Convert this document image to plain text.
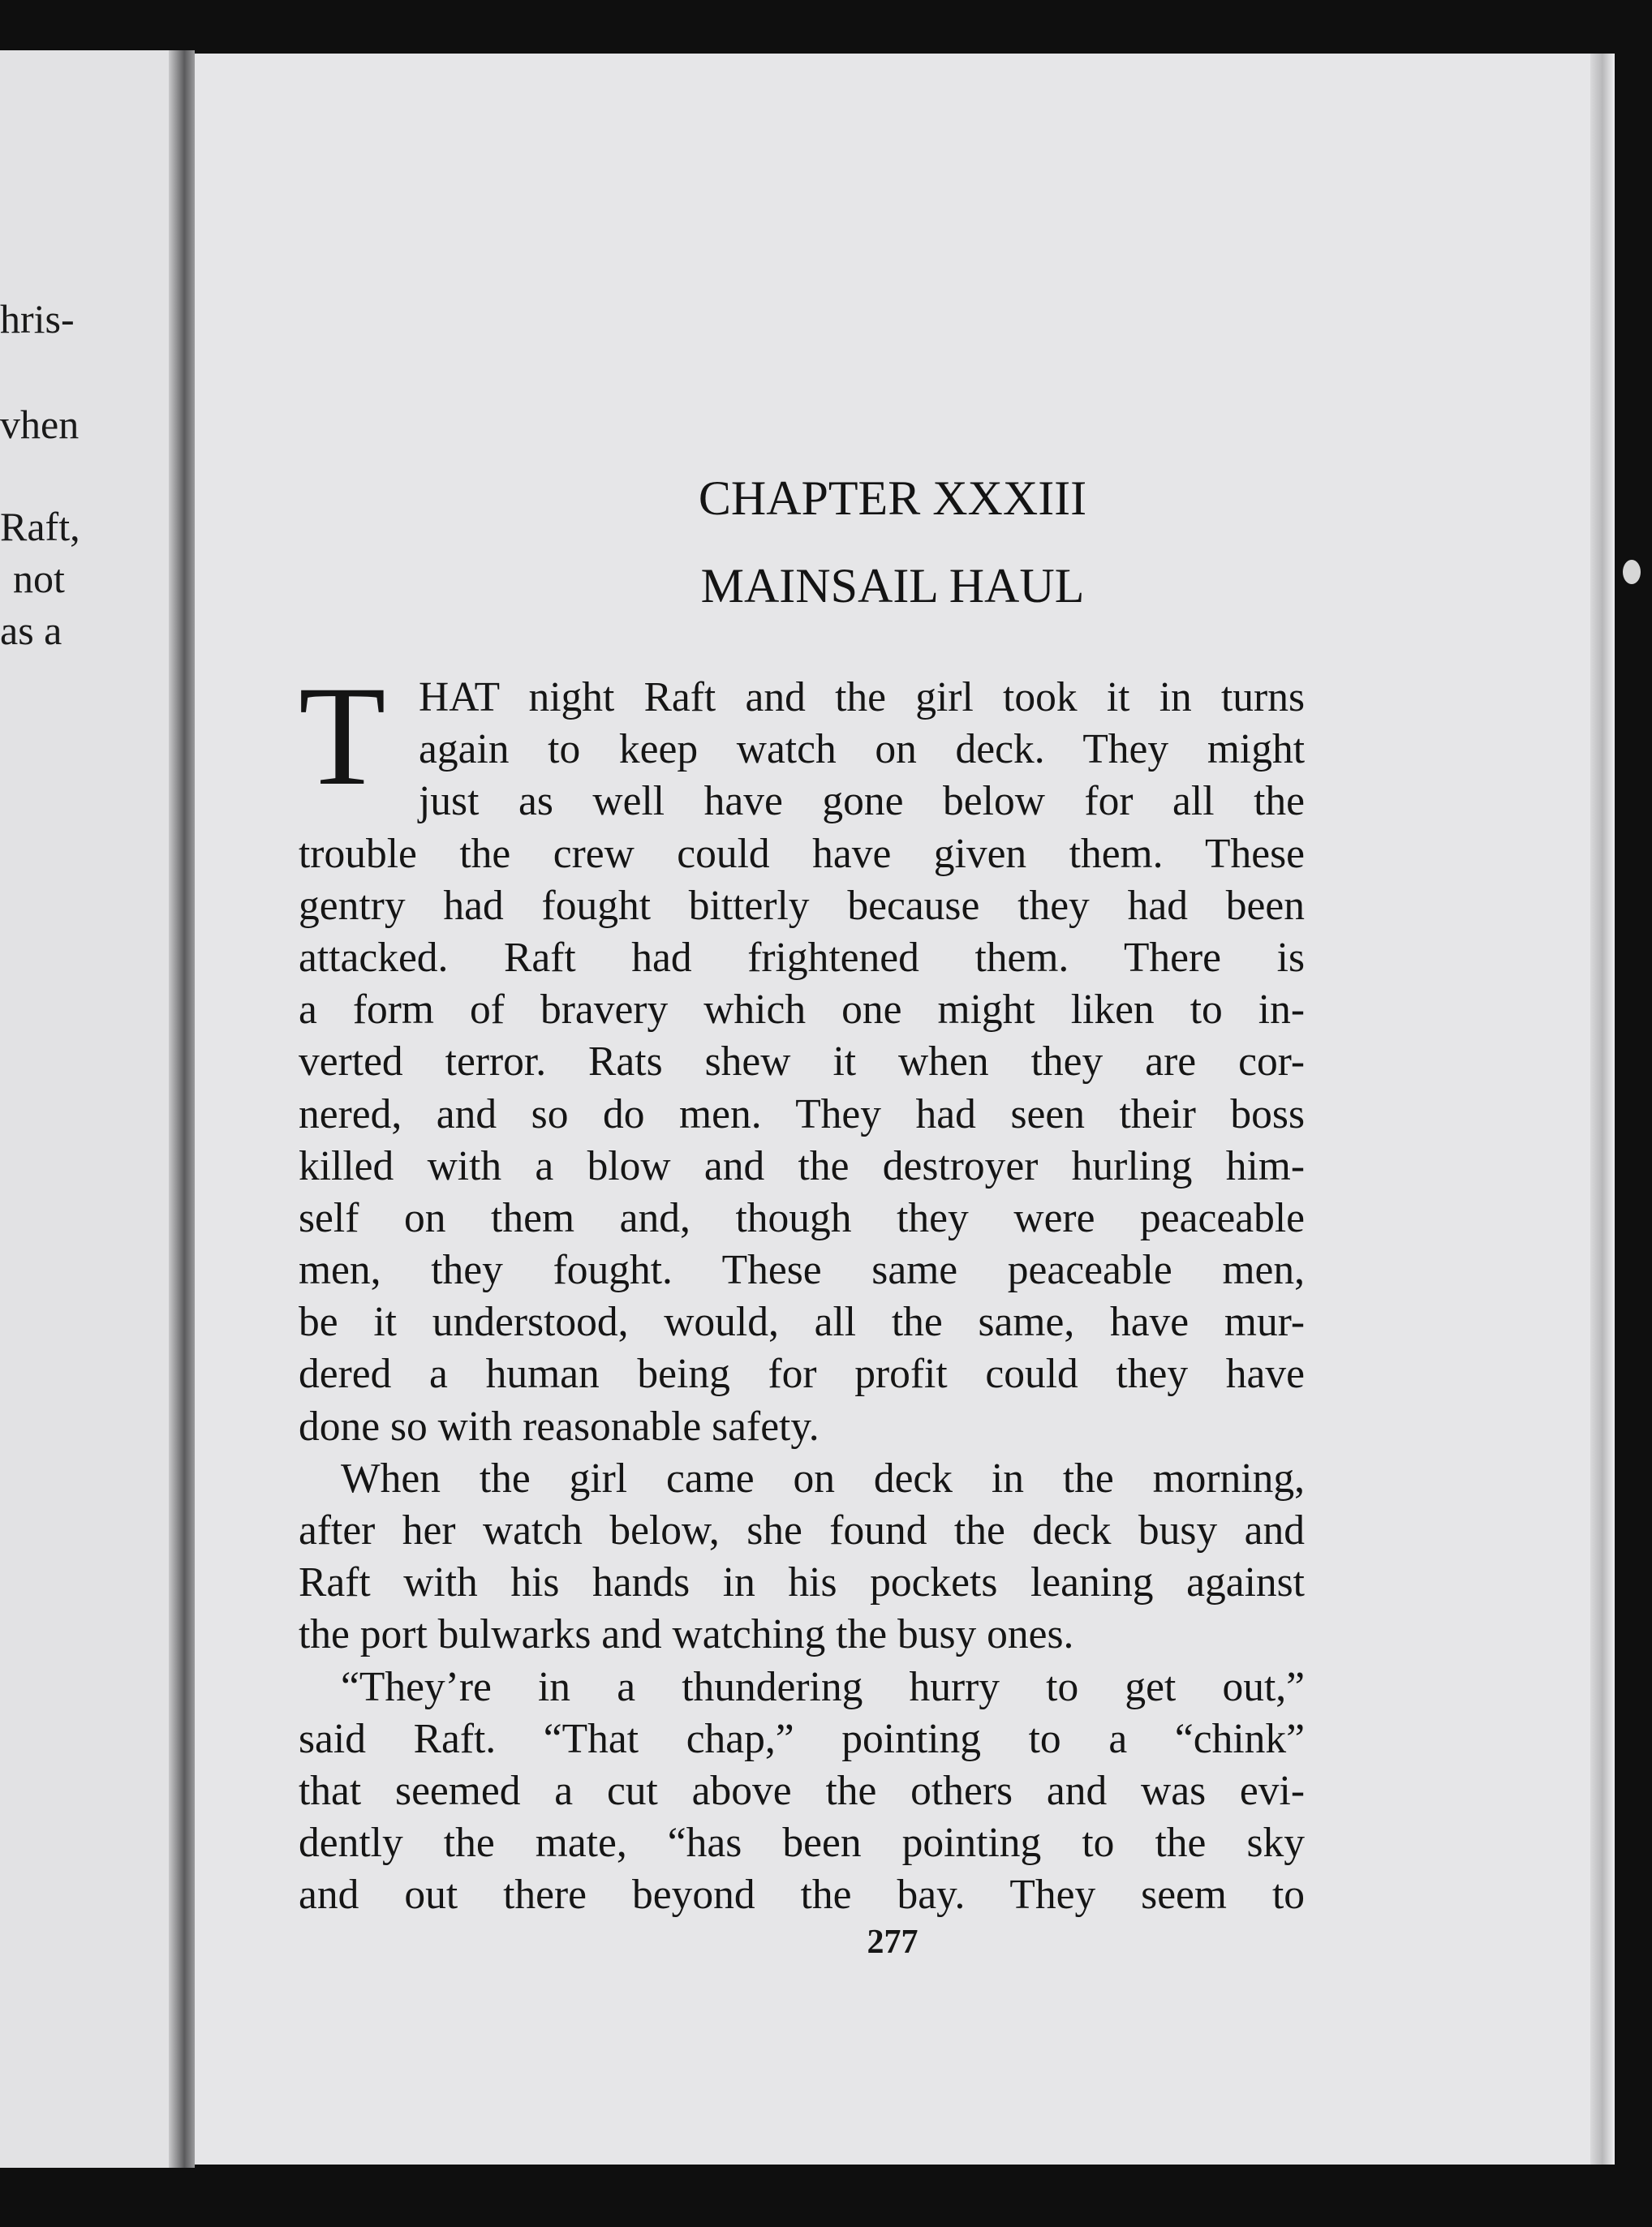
hris-
vhen
Raft,
not
as a
CHAPTER XXXIII
MAINSAIL HAUL
T HAT night Raft and the girl took it in turns
again to keep watch on deck. They might
just as well have gone below for all the
trouble the crew could have given them. These
gentry had fought bitterly because they had been
attacked. Raft had frightened them. There is
a form of bravery which one might liken to in-
verted terror. Rats shew it when they are cor-
nered, and so do men. They had seen their boss
killed with a blow and the destroyer hurling him-
self on them and, though they were peaceable
men, they fought. These same peaceable men,
be it understood, would, all the same, have mur-
dered a human being for profit could they have
done so with reasonable safety.
When the girl came on deck in the morning,
after her watch below, she found the deck busy and
Raft with his hands in his pockets leaning against
the port bulwarks and watching the busy ones.
“They’re in a thundering hurry to get out,”
said Raft. “That chap,” pointing to a “chink”
that seemed a cut above the others and was evi-
dently the mate, “has been pointing to the sky
and out there beyond the bay. They seem to
277
